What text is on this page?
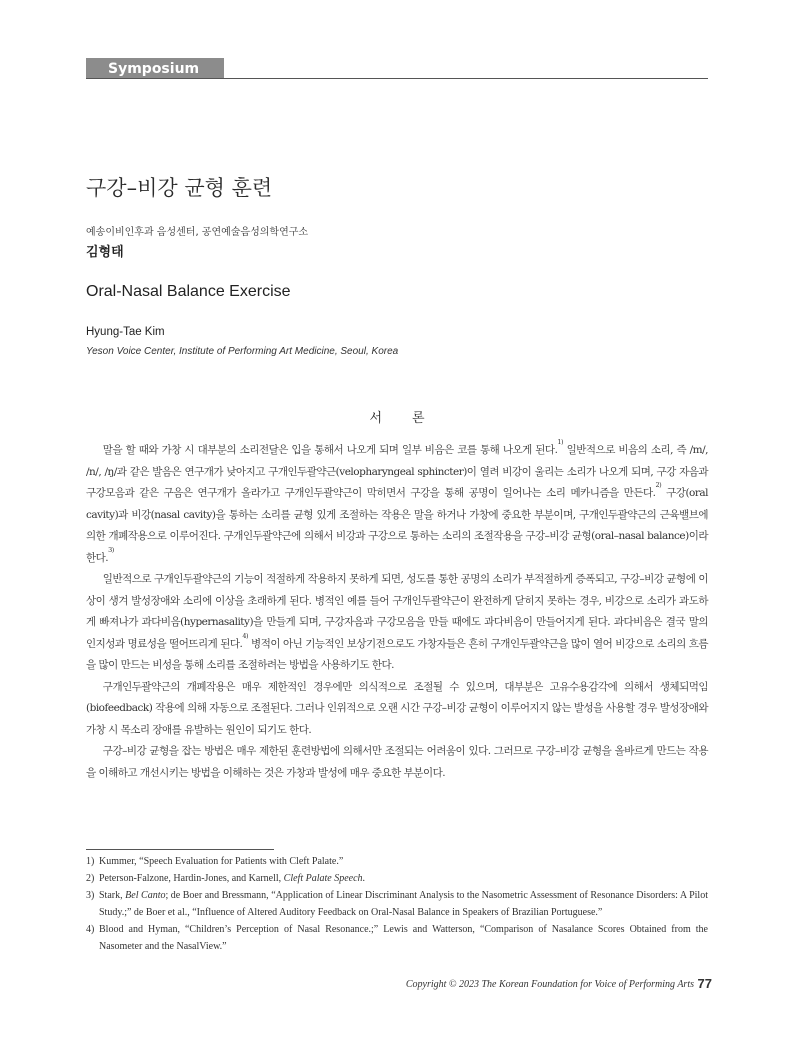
Symposium
구강–비강 균형 훈련
예송이비인후과 음성센터, 공연예술음성의학연구소
김형태
Oral-Nasal Balance Exercise
Hyung-Tae Kim
Yeson Voice Center, Institute of Performing Art Medicine, Seoul, Korea
서론

말을 할 때와 가창 시 대부분의 소리전달은 입을 통해서 나오게 되며 일부 비음은 코를 통해 나오게 된다.$^{1)}$ 일반적으로 비음의 소리, 즉 /m/, /n/, /ŋ/과 같은 발음은 연구개가 낮아지고 구개인두괄약근(velopharyngeal sphincter)이 열려 비강이 울리는 소리가 나오게 되며, 구강 자음과 구강모음과 같은 구음은 연구개가 올라가고 구개인두괄약근이 막히면서 구강을 통해 공명이 일어나는 소리 메카니즘을 만든다.$^{2)}$ 구강(oral cavity)과 비강(nasal cavity)을 통하는 소리를 균형 있게 조절하는 작용은 말을 하거나 가창에 중요한 부분이며, 구개인두괄약근의 근육밸브에 의한 개폐작용으로 이루어진다. 구개인두괄약근에 의해서 비강과 구강으로 통하는 소리의 조절작용을 구강–비강 균형(oral–nasal balance)이라 한다.$^{3)}$

일반적으로 구개인두괄약근의 기능이 적절하게 작용하지 못하게 되면, 성도를 통한 공명의 소리가 부적절하게 증폭되고, 구강–비강 균형에 이상이 생겨 발성장애와 소리에 이상을 초래하게 된다. 병적인 예를 들어 구개인두괄약근이 완전하게 닫히지 못하는 경우, 비강으로 소리가 과도하게 빠져나가 과다비음(hypernasality)을 만들게 되며, 구강자음과 구강모음을 만들 때에도 과다비음이 만들어지게 된다. 과다비음은 결국 말의 인지성과 명료성을 떨어뜨리게 된다.$^{4)}$ 병적이 아닌 기능적인 보상기전으로도 가창자들은 흔히 구개인두괄약근을 많이 열어 비강으로 소리의 흐름을 많이 만드는 비성을 통해 소리를 조절하려는 방법을 사용하기도 한다.

구개인두괄약근의 개폐작용은 매우 제한적인 경우에만 의식적으로 조절될 수 있으며, 대부분은 고유수용감각에 의해서 생체되먹임(biofeedback) 작용에 의해 자동으로 조절된다. 그러나 인위적으로 오랜 시간 구강–비강 균형이 이루어지지 않는 발성을 사용할 경우 발성장애와 가창 시 목소리 장애를 유발하는 원인이 되기도 한다.

구강–비강 균형을 잡는 방법은 매우 제한된 훈련방법에 의해서만 조절되는 어려움이 있다. 그러므로 구강–비강 균형을 올바르게 만드는 작용을 이해하고 개선시키는 방법을 이해하는 것은 가창과 발성에 매우 중요한 부분이다.

1) Kummer, “Speech Evaluation for Patients with Cleft Palate.”
2) Peterson-Falzone, Hardin-Jones, and Karnell, Cleft Palate Speech.
3) Stark, Bel Canto; de Boer and Bressmann, “Application of Linear Discriminant Analysis to the Nasometric Assessment of Resonance Disorders: A Pilot Study.;” de Boer et al., “Influence of Altered Auditory Feedback on Oral-Nasal Balance in Speakers of Brazilian Portuguese.”
4) Blood and Hyman, “Children’s Perception of Nasal Resonance.;” Lewis and Watterson, “Comparison of Nasalance Scores Obtained from the Nasometer and the NasalView.”
Copyright © 2023 The Korean Foundation for Voice of Performing Arts 77
